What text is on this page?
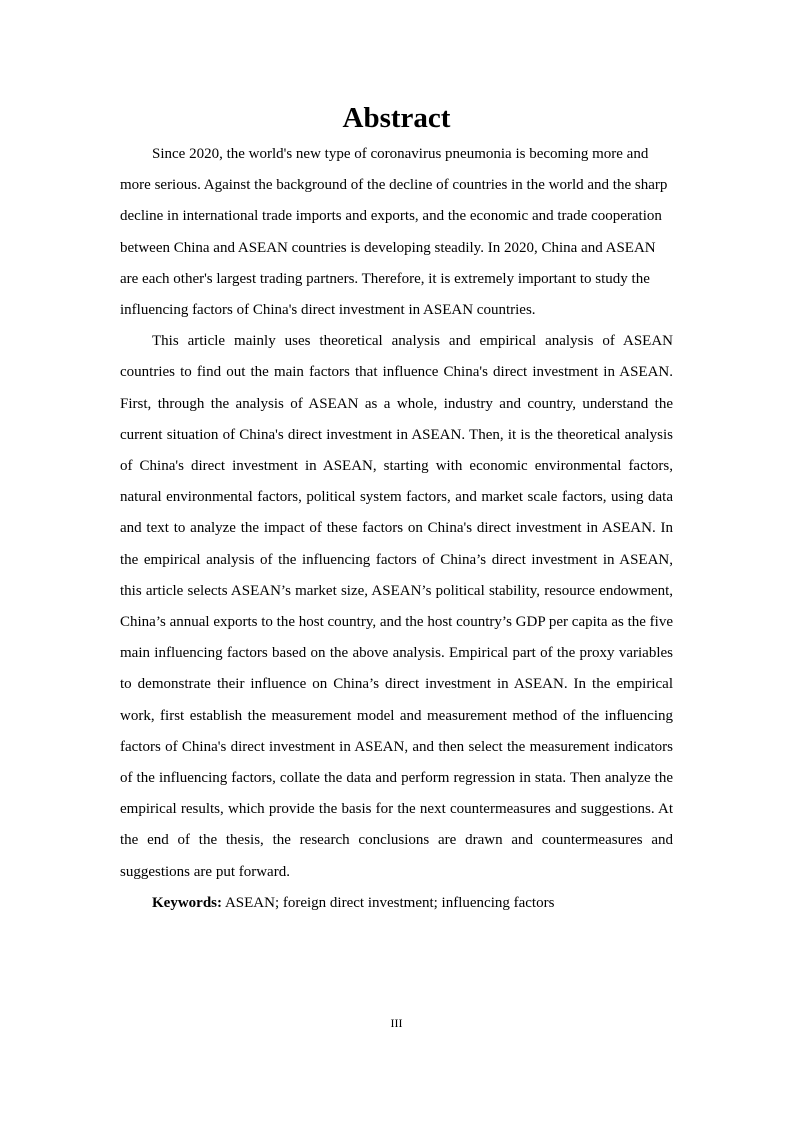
Abstract

Since 2020, the world's new type of coronavirus pneumonia is becoming more and more serious. Against the background of the decline of countries in the world and the sharp decline in international trade imports and exports, and the economic and trade cooperation between China and ASEAN countries is developing steadily. In 2020, China and ASEAN are each other's largest trading partners. Therefore, it is extremely important to study the influencing factors of China's direct investment in ASEAN countries.

This article mainly uses theoretical analysis and empirical analysis of ASEAN countries to find out the main factors that influence China's direct investment in ASEAN. First, through the analysis of ASEAN as a whole, industry and country, understand the current situation of China's direct investment in ASEAN. Then, it is the theoretical analysis of China's direct investment in ASEAN, starting with economic environmental factors, natural environmental factors, political system factors, and market scale factors, using data and text to analyze the impact of these factors on China's direct investment in ASEAN. In the empirical analysis of the influencing factors of China’s direct investment in ASEAN, this article selects ASEAN’s market size, ASEAN’s political stability, resource endowment, China’s annual exports to the host country, and the host country’s GDP per capita as the five main influencing factors based on the above analysis. Empirical part of the proxy variables to demonstrate their influence on China’s direct investment in ASEAN. In the empirical work, first establish the measurement model and measurement method of the influencing factors of China's direct investment in ASEAN, and then select the measurement indicators of the influencing factors, collate the data and perform regression in stata. Then analyze the empirical results, which provide the basis for the next countermeasures and suggestions. At the end of the thesis, the research conclusions are drawn and countermeasures and suggestions are put forward.

Keywords: ASEAN; foreign direct investment; influencing factors

III
